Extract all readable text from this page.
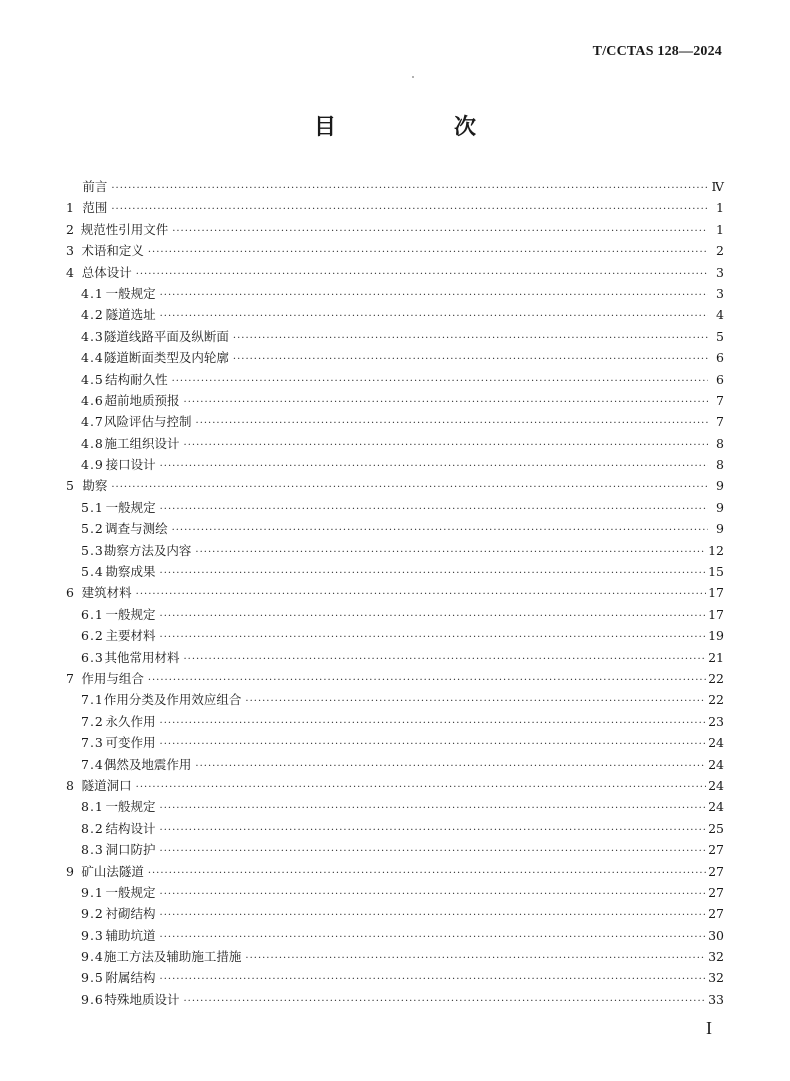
T/CCTAS 128—2024
目　次
前言 ·····	Ⅳ
1 范围 ·····	1
2 规范性引用文件 ·····	1
3 术语和定义 ·····	2
4 总体设计 ·····	3
4.1 一般规定 ·····	3
4.2 隧道选址 ·····	4
4.3 隧道线路平面及纵断面 ·····	5
4.4 隧道断面类型及内轮廓 ·····	6
4.5 结构耐久性 ·····	6
4.6 超前地质预报 ·····	7
4.7 风险评估与控制 ·····	7
4.8 施工组织设计 ·····	8
4.9 接口设计 ·····	8
5 勘察 ·····	9
5.1 一般规定 ·····	9
5.2 调查与测绘 ·····	9
5.3 勘察方法及内容 ·····	12
5.4 勘察成果 ·····	15
6 建筑材料 ·····	17
6.1 一般规定 ·····	17
6.2 主要材料 ·····	19
6.3 其他常用材料 ·····	21
7 作用与组合 ·····	22
7.1 作用分类及作用效应组合 ·····	22
7.2 永久作用 ·····	23
7.3 可变作用 ·····	24
7.4 偶然及地震作用 ·····	24
8 隧道洞口 ·····	24
8.1 一般规定 ·····	24
8.2 结构设计 ·····	25
8.3 洞口防护 ·····	27
9 矿山法隧道 ·····	27
9.1 一般规定 ·····	27
9.2 衬砌结构 ·····	27
9.3 辅助坑道 ·····	30
9.4 施工方法及辅助施工措施 ·····	32
9.5 附属结构 ·····	32
9.6 特殊地质设计 ·····	33
I
